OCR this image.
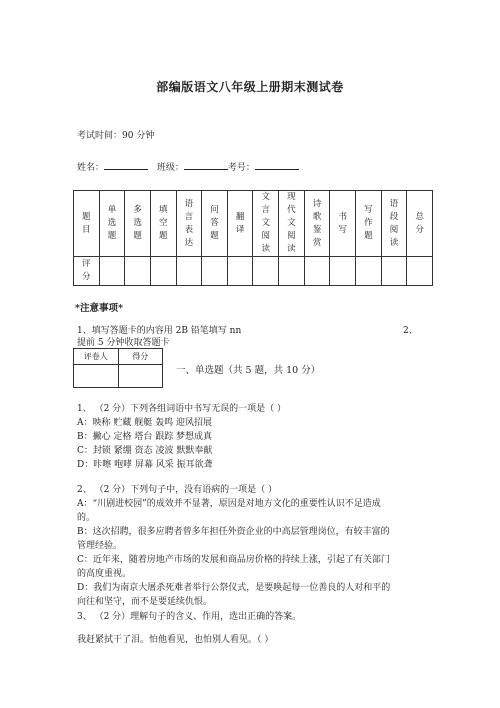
部编版语文八年级上册期末测试卷
考试时间：90 分钟
姓名：	班级：	考号：
题目	单选题	多选题	填空题	语言表达	问答题	翻译	文言文阅读	现代文阅读	诗歌鉴赏	书写	写作题	语段阅读	总分
评分													
*注意事项*
1、填写答题卡的内容用 2B 铅笔填写 nn	2、
提前 5 分钟收取答题卡
评卷人	得分

一、单选题（共 5 题，共 10 分）
1、 （2 分）下列各组词语中书写无误的一项是（ ）
A：映称 贮藏 舰艇 轰鸣 迎风招展
B：撇心 定格 塔台 跟踪 梦想成真
C：封锁 紧绷 资态 凌波 默默奉献
D：咔嚓 咆哮 屏幕 风采 振耳欲聋
2、 （2 分）下列句子中，没有语病的一项是（ ）
A：“川剧进校园”的成效并不显著，原因是对地方文化的重要性认识不足造成
的。
B：这次招聘，很多应聘者曾多年担任外资企业的中高层管理岗位，有较丰富的
管理经验。
C：近年来，随着房地产市场的发展和商品房价格的持续上涨，引起了有关部门
的高度重视。
D：我们为南京大屠杀死难者举行公祭仪式，是要唤起每一位善良的人对和平的
向往和坚守，而不是要延续仇恨。
3、 （2 分）理解句子的含义、作用，选出正确的答案。
我赶紧拭干了泪。怕他看见，也怕别人看见。（ ）
